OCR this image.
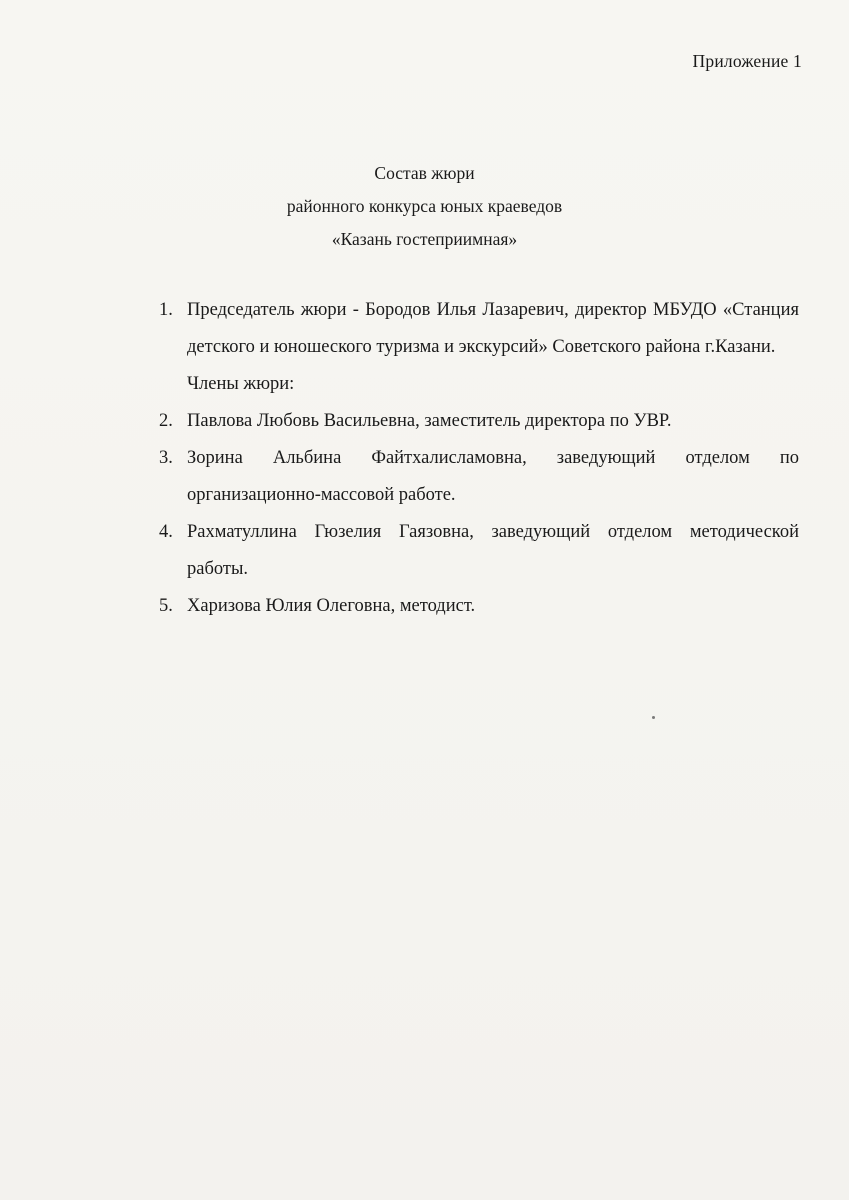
Приложение 1
Состав жюри
районного конкурса юных краеведов
«Казань гостеприимная»
1. Председатель жюри - Бородов Илья Лазаревич, директор МБУДО «Станция детского и юношеского туризма и экскурсий» Советского района г.Казани.
Члены жюри:
2. Павлова Любовь Васильевна, заместитель директора по УВР.
3. Зорина Альбина Файтхалисламовна, заведующий отделом по организационно-массовой работе.
4. Рахматуллина Гюзелия Гаязовна, заведующий отделом методической работы.
5. Харизова Юлия Олеговна, методист.
